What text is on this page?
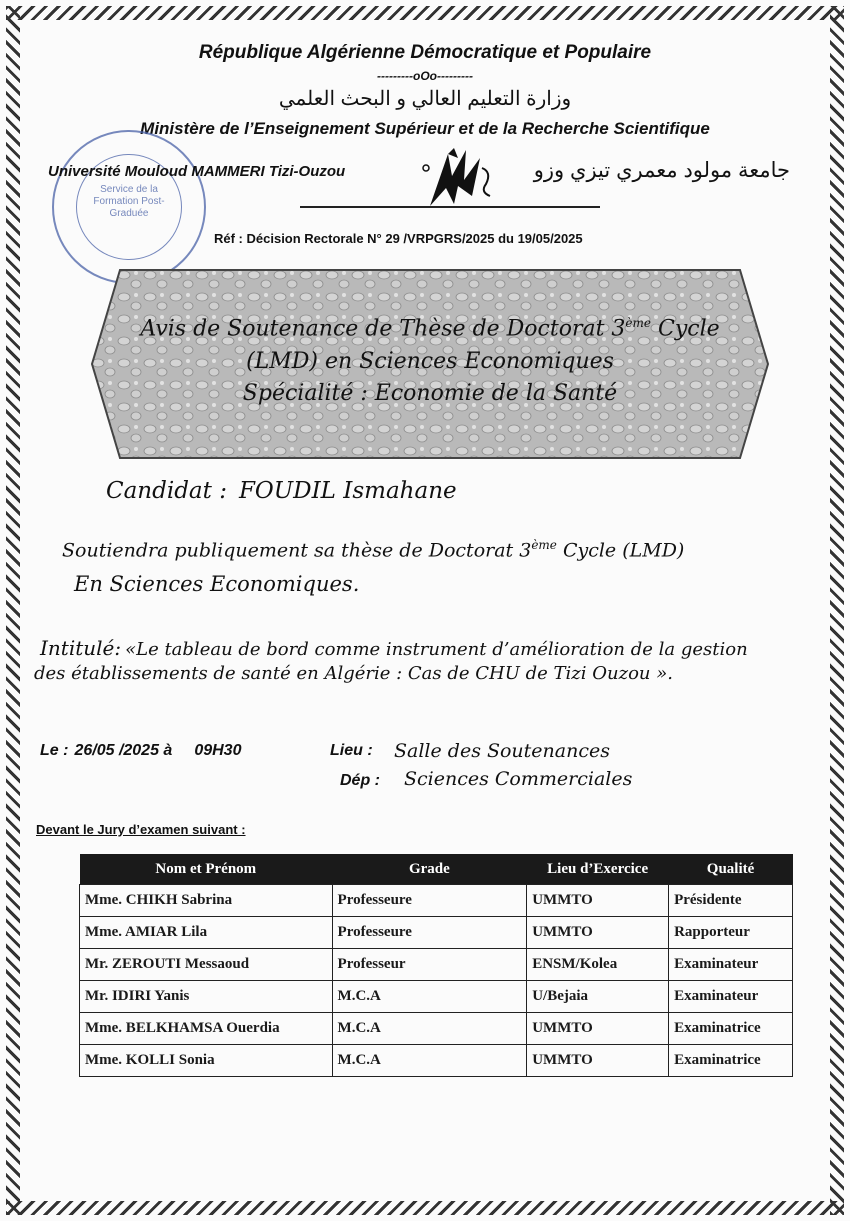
République Algérienne Démocratique et Populaire
---------oOo---------
وزارة التعليم العالي و البحث العلمي
Ministère de l’Enseignement Supérieur et de la Recherche Scientifique
Service de la Formation Post-Graduée
Université Mouloud MAMMERI Tizi-Ouzou	جامعة مولود معمري تيزي وزو
Réf : Décision Rectorale N° 29 /VRPGRS/2025 du 19/05/2025
Avis de Soutenance de Thèse de Doctorat 3ème Cycle
(LMD) en Sciences Economiques
Spécialité : Economie de la Santé
Candidat : FOUDIL Ismahane
Soutiendra publiquement sa thèse de Doctorat 3ème Cycle (LMD)
En Sciences Economiques.
Intitulé: «Le tableau de bord comme instrument d’amélioration de la gestion
des établissements de santé en Algérie : Cas de CHU de Tizi Ouzou ».
Le : 26/05 /2025 à 09H30	Lieu : Salle des Soutenances
Dép : Sciences Commerciales
Devant le Jury d’examen suivant :
Nom et Prénom	Grade	Lieu d’Exercice	Qualité
Mme. CHIKH Sabrina	Professeure	UMMTO	Présidente
Mme. AMIAR Lila	Professeure	UMMTO	Rapporteur
Mr. ZEROUTI Messaoud	Professeur	ENSM/Kolea	Examinateur
Mr. IDIRI Yanis	M.C.A	U/Bejaia	Examinateur
Mme. BELKHAMSA Ouerdia	M.C.A	UMMTO	Examinatrice
Mme. KOLLI Sonia	M.C.A	UMMTO	Examinatrice
